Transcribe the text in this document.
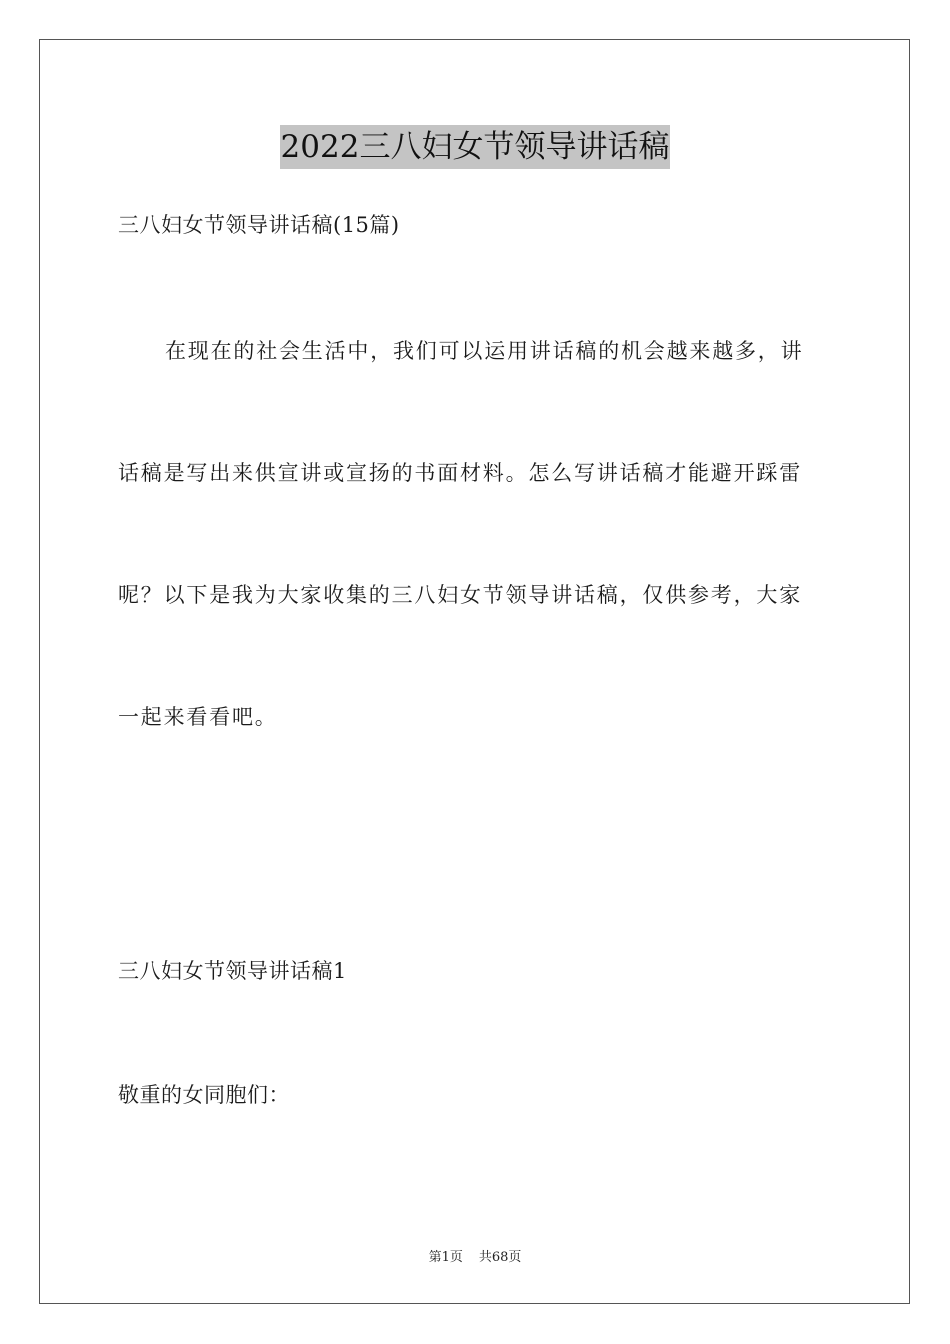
2022三八妇女节领导讲话稿
三八妇女节领导讲话稿(15篇)
在现在的社会生活中，我们可以运用讲话稿的机会越来越多，讲
话稿是写出来供宣讲或宣扬的书面材料。怎么写讲话稿才能避开踩雷
呢？以下是我为大家收集的三八妇女节领导讲话稿，仅供参考，大家
一起来看看吧。
三八妇女节领导讲话稿1
敬重的女同胞们：
第1页 共68页
